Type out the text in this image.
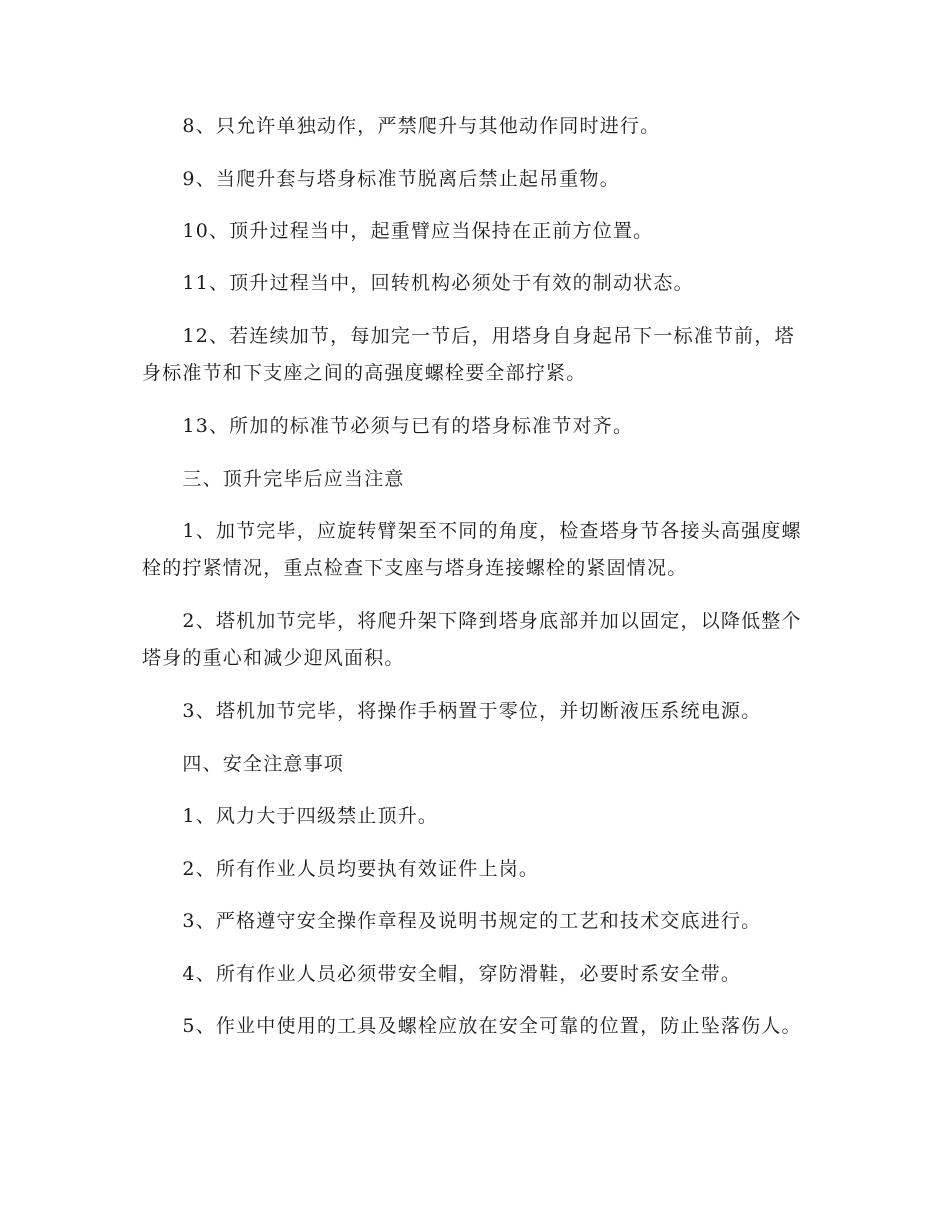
　　8、只允许单独动作，严禁爬升与其他动作同时进行。

　　9、当爬升套与塔身标准节脱离后禁止起吊重物。

　　10、顶升过程当中，起重臂应当保持在正前方位置。

　　11、顶升过程当中，回转机构必须处于有效的制动状态。

　　12、若连续加节，每加完一节后，用塔身自身起吊下一标准节前，塔身标准节和下支座之间的高强度螺栓要全部拧紧。

　　13、所加的标准节必须与已有的塔身标准节对齐。

　　三、顶升完毕后应当注意

　　1、加节完毕，应旋转臂架至不同的角度，检查塔身节各接头高强度螺栓的拧紧情况，重点检查下支座与塔身连接螺栓的紧固情况。

　　2、塔机加节完毕，将爬升架下降到塔身底部并加以固定，以降低整个塔身的重心和减少迎风面积。

　　3、塔机加节完毕，将操作手柄置于零位，并切断液压系统电源。

　　四、安全注意事项

　　1、风力大于四级禁止顶升。

　　2、所有作业人员均要执有效证件上岗。

　　3、严格遵守安全操作章程及说明书规定的工艺和技术交底进行。

　　4、所有作业人员必须带安全帽，穿防滑鞋，必要时系安全带。

　　5、作业中使用的工具及螺栓应放在安全可靠的位置，防止坠落伤人。
